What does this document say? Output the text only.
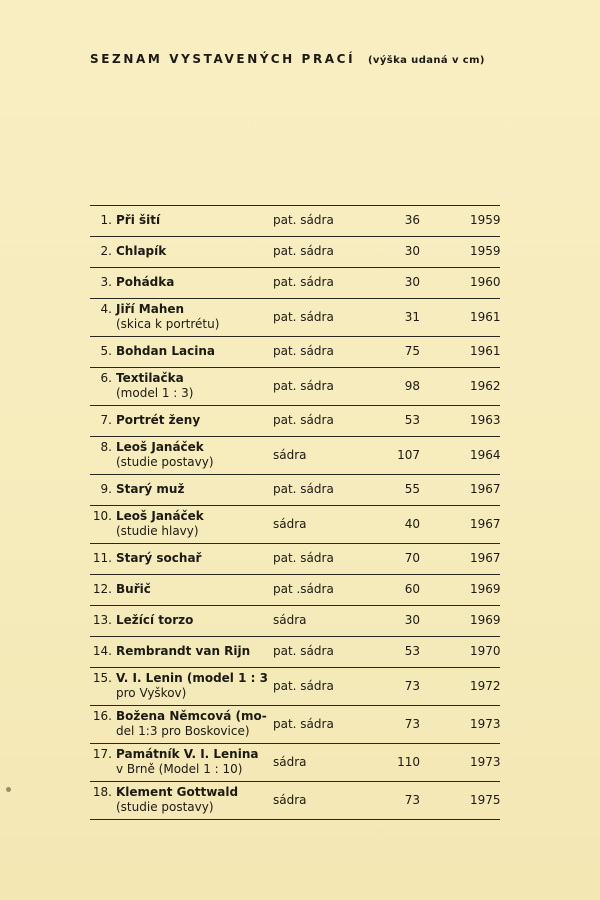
SEZNAM VYSTAVENÝCH PRACÍ (výška udaná v cm)
1. Při šití	pat. sádra	36	1959
2. Chlapík	pat. sádra	30	1959
3. Pohádka	pat. sádra	30	1960
4. Jiří Mahen
(skica k portrétu)	pat. sádra	31	1961
5. Bohdan Lacina	pat. sádra	75	1961
6. Textilačka
(model 1 : 3)	pat. sádra	98	1962
7. Portrét ženy	pat. sádra	53	1963
8. Leoš Janáček
(studie postavy)	sádra	107	1964
9. Starý muž	pat. sádra	55	1967
10. Leoš Janáček
(studie hlavy)	sádra	40	1967
11. Starý sochař	pat. sádra	70	1967
12. Buřič	pat .sádra	60	1969
13. Ležící torzo	sádra	30	1969
14. Rembrandt van Rijn	pat. sádra	53	1970
15. V. I. Lenin (model 1 : 3
pro Vyškov)	pat. sádra	73	1972
16. Božena Němcová (mo-
del 1:3 pro Boskovice)	pat. sádra	73	1973
17. Památník V. I. Lenina
v Brně (Model 1 : 10)	sádra	110	1973
18. Klement Gottwald
(studie postavy)	sádra	73	1975
